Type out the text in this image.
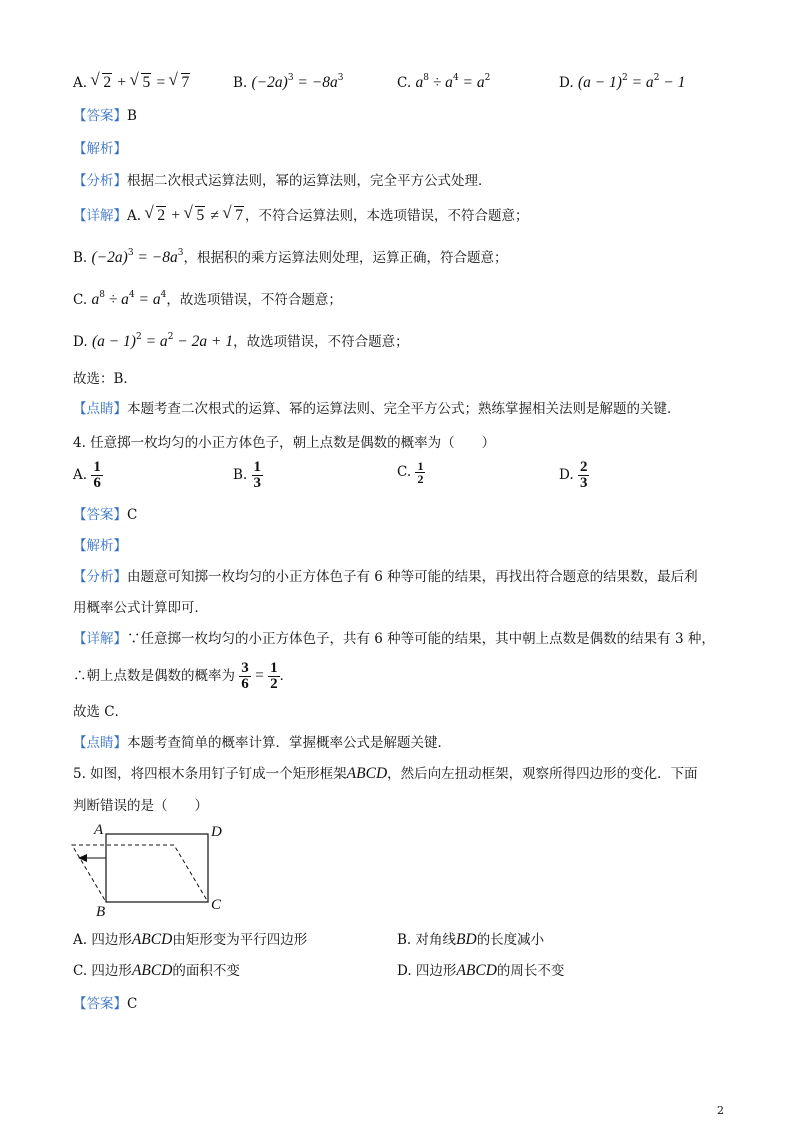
A. √ 2 + √ 5 = √ 7	B. $(-2a)^3 = -8a^3$	C. $a^8 \div a^4 = a^2$	D. $(a - 1)^2 = a^2 - 1$
【答案】B
【解析】
【分析】根据二次根式运算法则，幂的运算法则，完全平方公式处理．
【详解】A. √ 2 + √ 5 ≠ √ 7 ，不符合运算法则，本选项错误，不符合题意；
B. $(-2a)^3 = -8a^3$，根据积的乘方运算法则处理，运算正确，符合题意；
C. $a^8 \div a^4 = a^4$，故选项错误，不符合题意；
D. $(a - 1)^2 = a^2 - 2a + 1$，故选项错误，不符合题意；
故选：B．
【点睛】本题考查二次根式的运算、幂的运算法则、完全平方公式；熟练掌握相关法则是解题的关键．
4. 任意掷一枚均匀的小正方体色子，朝上点数是偶数的概率为（　　）
A. $\frac{1}{6}$	B. $\frac{1}{3}$	C. $\frac{1}{2}$	D. $\frac{2}{3}$
【答案】C
【解析】
【分析】由题意可知掷一枚均匀的小正方体色子有 6 种等可能的结果，再找出符合题意的结果数，最后利
用概率公式计算即可．
【详解】∵任意掷一枚均匀的小正方体色子，共有 6 种等可能的结果，其中朝上点数是偶数的结果有 3 种，
∴朝上点数是偶数的概率为 $\frac{3}{6} = \frac{1}{2}$ ．
故选 C．
【点睛】本题考查简单的概率计算．掌握概率公式是解题关键．
5. 如图，将四根木条用钉子钉成一个矩形框架ABCD，然后向左扭动框架，观察所得四边形的变化．下面
判断错误的是（　　）
A	D
B	C
A. 四边形ABCD由矩形变为平行四边形	B. 对角线BD的长度减小
C. 四边形ABCD的面积不变	D. 四边形ABCD的周长不变
【答案】C
2
